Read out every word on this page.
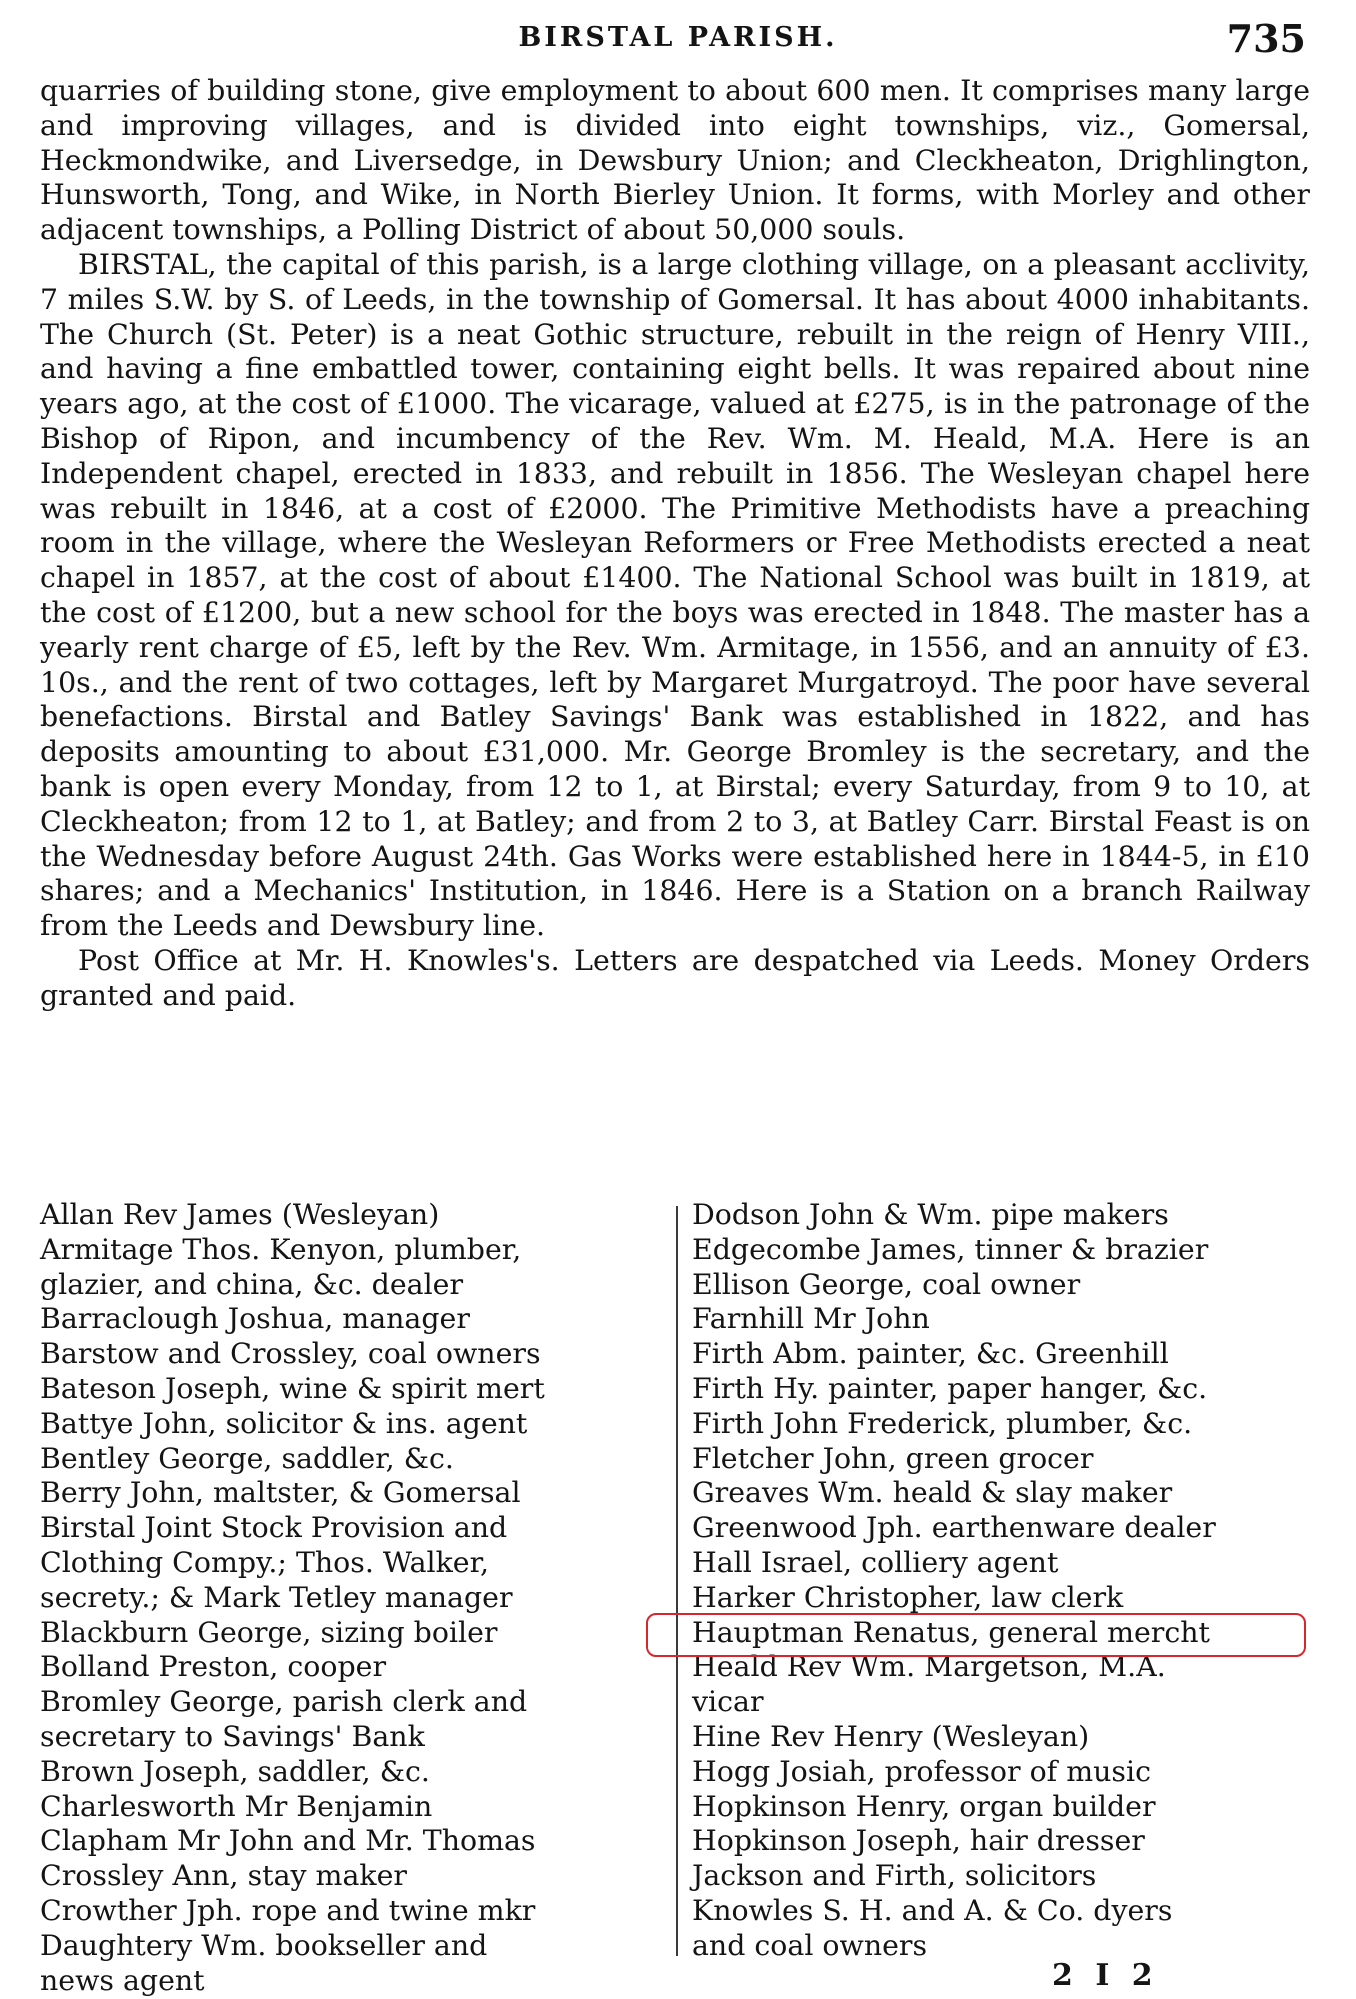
BIRSTAL PARISH.	735

quarries of building stone, give employment to about 600 men. It comprises many large and improving villages, and is divided into eight townships, viz., Gomersal, Heckmondwike, and Liversedge, in Dewsbury Union; and Cleckheaton, Drighlington, Hunsworth, Tong, and Wike, in North Bierley Union. It forms, with Morley and other adjacent townships, a Polling District of about 50,000 souls.

BIRSTAL, the capital of this parish, is a large clothing village, on a pleasant acclivity, 7 miles S.W. by S. of Leeds, in the township of Gomersal. It has about 4000 inhabitants. The Church (St. Peter) is a neat Gothic structure, rebuilt in the reign of Henry VIII., and having a fine embattled tower, containing eight bells. It was repaired about nine years ago, at the cost of £1000. The vicarage, valued at £275, is in the patronage of the Bishop of Ripon, and incumbency of the Rev. Wm. M. Heald, M.A. Here is an Independent chapel, erected in 1833, and rebuilt in 1856. The Wesleyan chapel here was rebuilt in 1846, at a cost of £2000. The Primitive Methodists have a preaching room in the village, where the Wesleyan Reformers or Free Methodists erected a neat chapel in 1857, at the cost of about £1400. The National School was built in 1819, at the cost of £1200, but a new school for the boys was erected in 1848. The master has a yearly rent charge of £5, left by the Rev. Wm. Armitage, in 1556, and an annuity of £3. 10s., and the rent of two cottages, left by Margaret Murgatroyd. The poor have several benefactions. Birstal and Batley Savings' Bank was established in 1822, and has deposits amounting to about £31,000. Mr. George Bromley is the secretary, and the bank is open every Monday, from 12 to 1, at Birstal; every Saturday, from 9 to 10, at Cleckheaton; from 12 to 1, at Batley; and from 2 to 3, at Batley Carr. Birstal Feast is on the Wednesday before August 24th. Gas Works were established here in 1844-5, in £10 shares; and a Mechanics' Institution, in 1846. Here is a Station on a branch Railway from the Leeds and Dewsbury line.

Post Office at Mr. H. Knowles's. Letters are despatched via Leeds. Money Orders granted and paid.

Allan Rev James (Wesleyan)
Armitage Thos. Kenyon, plumber,
glazier, and china, &c. dealer
Barraclough Joshua, manager
Barstow and Crossley, coal owners
Bateson Joseph, wine & spirit mert
Battye John, solicitor & ins. agent
Bentley George, saddler, &c.
Berry John, maltster, & Gomersal
Birstal Joint Stock Provision and
Clothing Compy.; Thos. Walker,
secrety.; & Mark Tetley manager
Blackburn George, sizing boiler
Bolland Preston, cooper
Bromley George, parish clerk and
secretary to Savings' Bank
Brown Joseph, saddler, &c.
Charlesworth Mr Benjamin
Clapham Mr John and Mr. Thomas
Crossley Ann, stay maker
Crowther Jph. rope and twine mkr
Daughtery Wm. bookseller and
news agent
Dodson John & Wm. pipe makers
Edgecombe James, tinner & brazier
Ellison George, coal owner
Farnhill Mr John
Firth Abm. painter, &c. Greenhill
Firth Hy. painter, paper hanger, &c.
Firth John Frederick, plumber, &c.
Fletcher John, green grocer
Greaves Wm. heald & slay maker
Greenwood Jph. earthenware dealer
Hall Israel, colliery agent
Harker Christopher, law clerk
Hauptman Renatus, general mercht
Heald Rev Wm. Margetson, M.A.
vicar
Hine Rev Henry (Wesleyan)
Hogg Josiah, professor of music
Hopkinson Henry, organ builder
Hopkinson Joseph, hair dresser
Jackson and Firth, solicitors
Knowles S. H. and A. & Co. dyers
and coal owners
2 I 2
